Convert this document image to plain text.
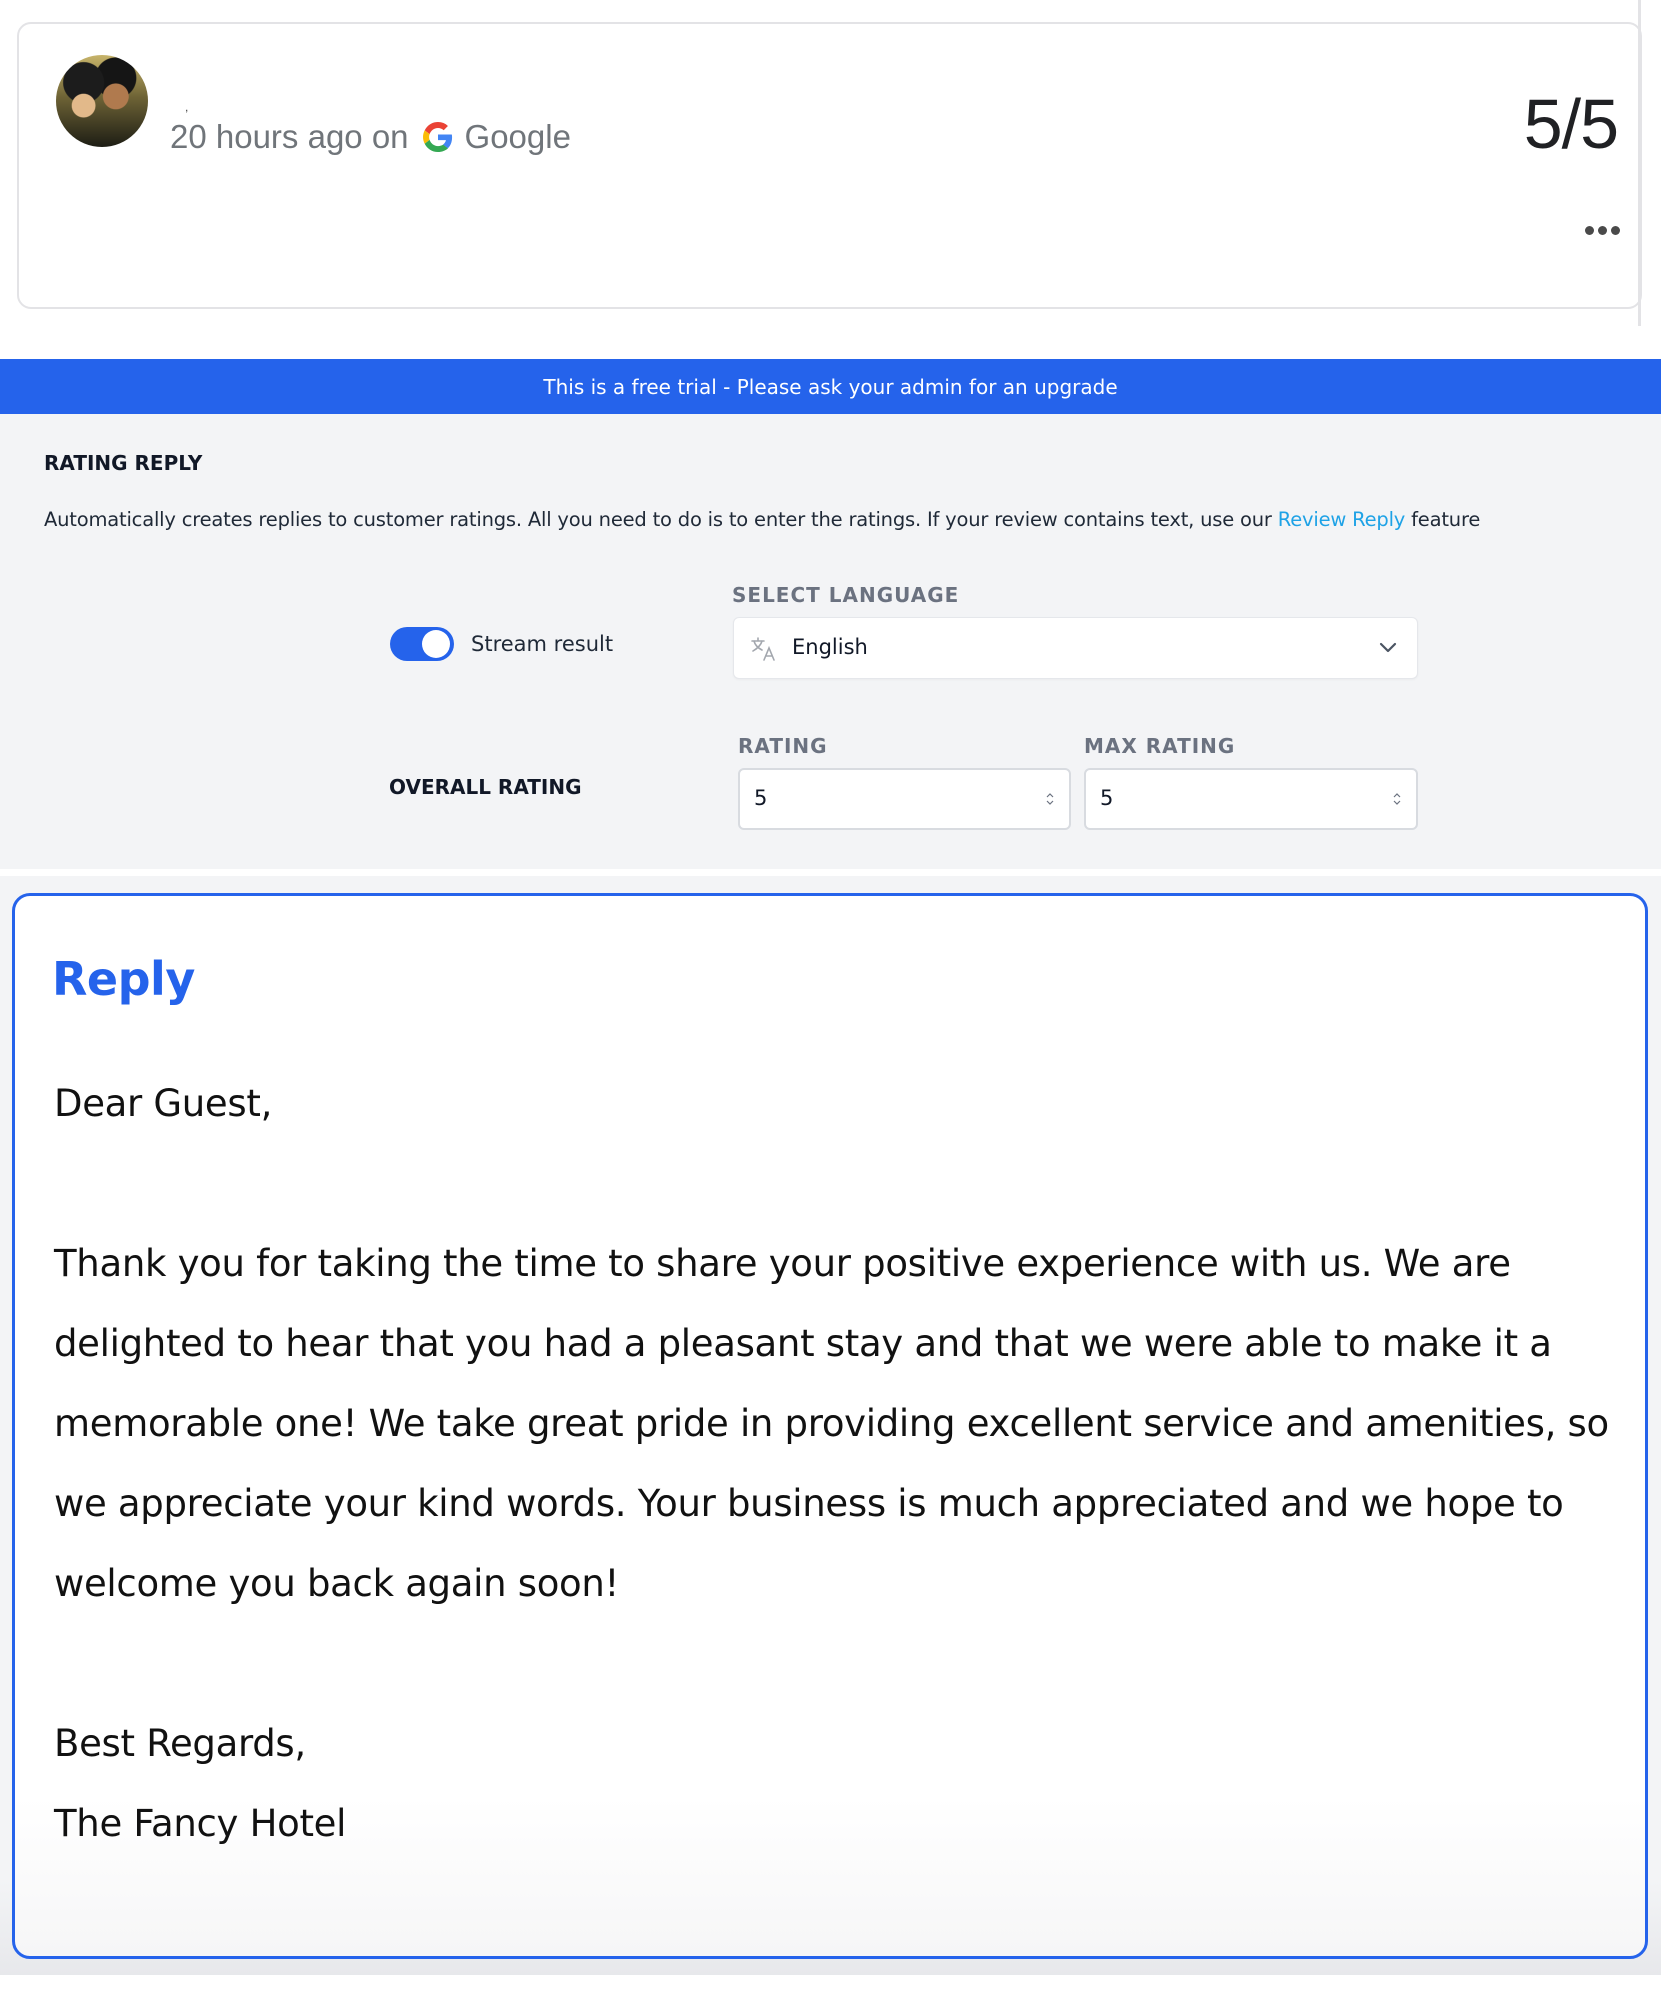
,
20 hours ago on Google	5/5
This is a free trial - Please ask your admin for an upgrade
RATING REPLY
Automatically creates replies to customer ratings. All you need to do is to enter the ratings. If your review contains text, use our Review Reply feature
Stream result
SELECT LANGUAGE
English
OVERALL RATING
RATING	MAX RATING
5	5
Reply

Dear Guest,

Thank you for taking the time to share your positive experience with us. We are

delighted to hear that you had a pleasant stay and that we were able to make it a

memorable one! We take great pride in providing excellent service and amenities, so

we appreciate your kind words. Your business is much appreciated and we hope to

welcome you back again soon!

Best Regards,

The Fancy Hotel
